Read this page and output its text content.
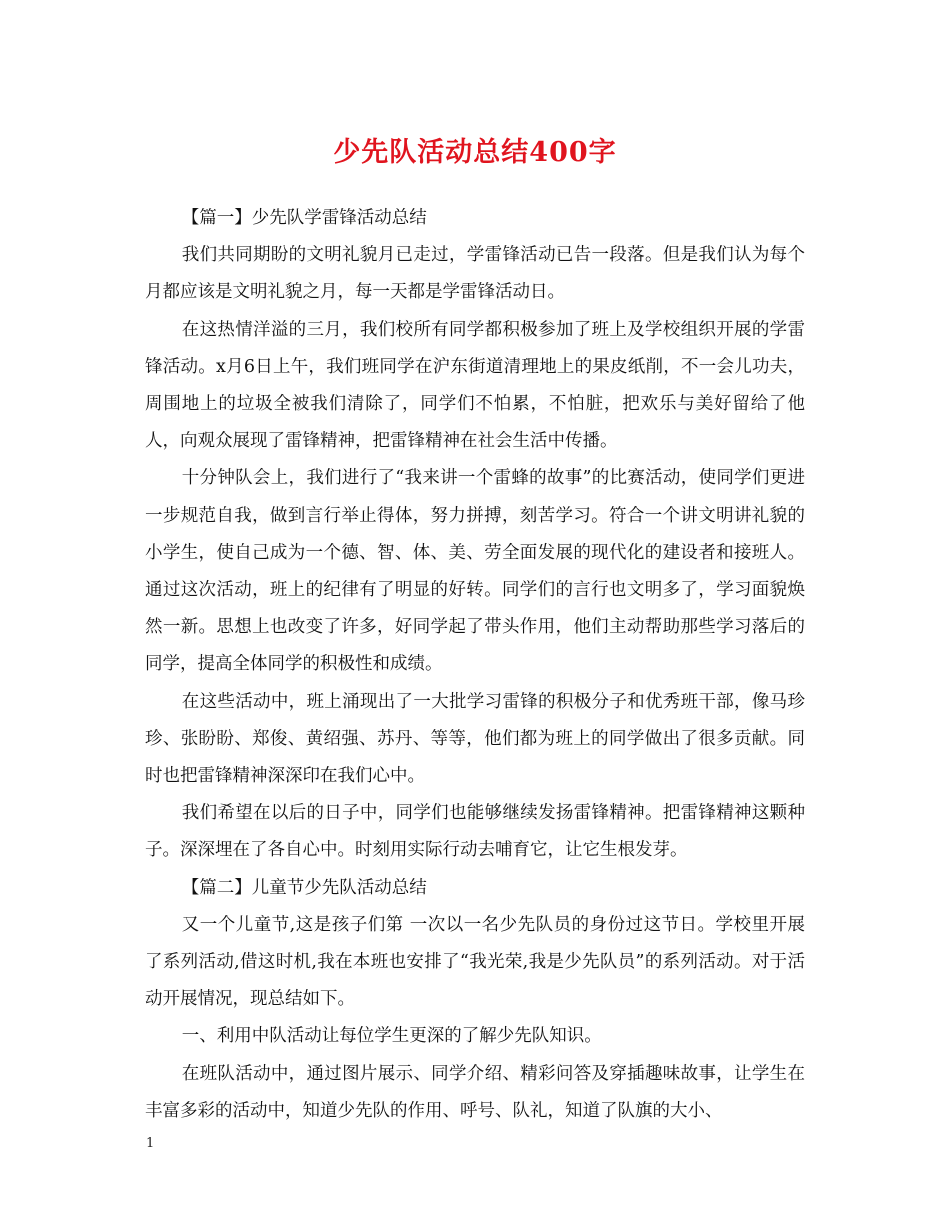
少先队活动总结400字

【篇一】少先队学雷锋活动总结

我们共同期盼的文明礼貌月已走过，学雷锋活动已告一段落。但是我们认为每个月都应该是文明礼貌之月，每一天都是学雷锋活动日。

在这热情洋溢的三月，我们校所有同学都积极参加了班上及学校组织开展的学雷锋活动。x月6日上午，我们班同学在沪东街道清理地上的果皮纸削，不一会儿功夫，周围地上的垃圾全被我们清除了，同学们不怕累，不怕脏，把欢乐与美好留给了他人，向观众展现了雷锋精神，把雷锋精神在社会生活中传播。

十分钟队会上，我们进行了“我来讲一个雷蜂的故事”的比赛活动，使同学们更进一步规范自我，做到言行举止得体，努力拼搏，刻苦学习。符合一个讲文明讲礼貌的小学生，使自己成为一个德、智、体、美、劳全面发展的现代化的建设者和接班人。通过这次活动，班上的纪律有了明显的好转。同学们的言行也文明多了，学习面貌焕然一新。思想上也改变了许多，好同学起了带头作用，他们主动帮助那些学习落后的同学，提高全体同学的积极性和成绩。

在这些活动中，班上涌现出了一大批学习雷锋的积极分子和优秀班干部，像马珍珍、张盼盼、郑俊、黄绍强、苏丹、等等，他们都为班上的同学做出了很多贡献。同时也把雷锋精神深深印在我们心中。

我们希望在以后的日子中，同学们也能够继续发扬雷锋精神。把雷锋精神这颗种子。深深埋在了各自心中。时刻用实际行动去哺育它，让它生根发芽。

【篇二】儿童节少先队活动总结

又一个儿童节,这是孩子们第 一次以一名少先队员的身份过这节日。学校里开展了系列活动,借这时机,我在本班也安排了“我光荣,我是少先队员”的系列活动。对于活动开展情况，现总结如下。

一、利用中队活动让每位学生更深的了解少先队知识。

在班队活动中，通过图片展示、同学介绍、精彩问答及穿插趣味故事，让学生在丰富多彩的活动中，知道少先队的作用、呼号、队礼，知道了队旗的大小、

1
